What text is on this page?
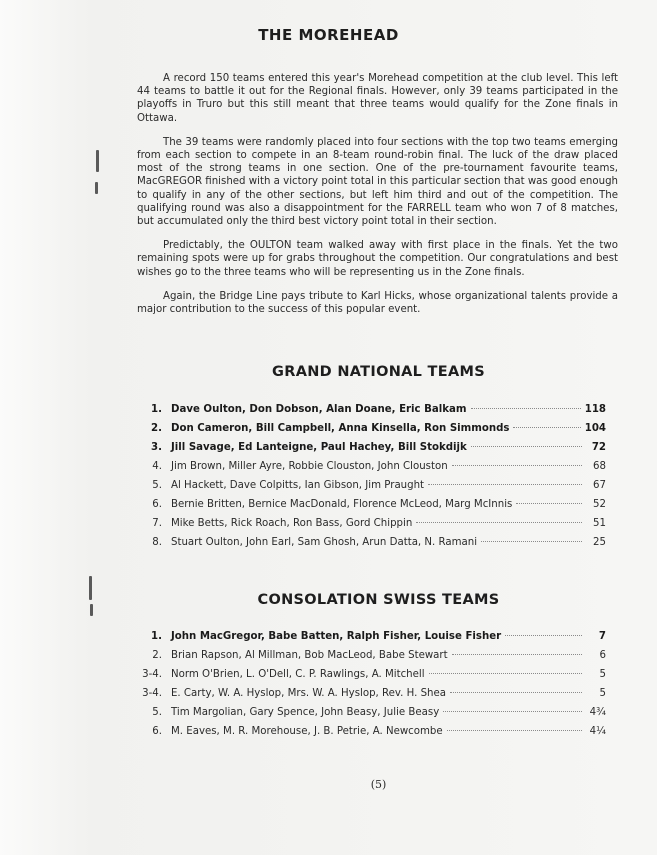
THE MOREHEAD

A record 150 teams entered this year's Morehead competition at the club level. This left 44 teams to battle it out for the Regional finals. However, only 39 teams participated in the playoffs in Truro but this still meant that three teams would qualify for the Zone finals in Ottawa.

The 39 teams were randomly placed into four sections with the top two teams emerging from each section to compete in an 8-team round-robin final. The luck of the draw placed most of the strong teams in one section. One of the pre-tournament favourite teams, MacGREGOR finished with a victory point total in this particular section that was good enough to qualify in any of the other sections, but left him third and out of the competition. The qualifying round was also a disappointment for the FARRELL team who won 7 of 8 matches, but accumulated only the third best victory point total in their section.

Predictably, the OULTON team walked away with first place in the finals. Yet the two remaining spots were up for grabs throughout the competition. Our congratulations and best wishes go to the three teams who will be representing us in the Zone finals.

Again, the Bridge Line pays tribute to Karl Hicks, whose organizational talents provide a major contribution to the success of this popular event.

GRAND NATIONAL TEAMS
1. Dave Oulton, Don Dobson, Alan Doane, Eric Balkam	118
2. Don Cameron, Bill Campbell, Anna Kinsella, Ron Simmonds	104
3. Jill Savage, Ed Lanteigne, Paul Hachey, Bill Stokdijk	72
4. Jim Brown, Miller Ayre, Robbie Clouston, John Clouston	68
5. Al Hackett, Dave Colpitts, Ian Gibson, Jim Praught	67
6. Bernie Britten, Bernice MacDonald, Florence McLeod, Marg McInnis	52
7. Mike Betts, Rick Roach, Ron Bass, Gord Chippin	51
8. Stuart Oulton, John Earl, Sam Ghosh, Arun Datta, N. Ramani	25
CONSOLATION SWISS TEAMS
1. John MacGregor, Babe Batten, Ralph Fisher, Louise Fisher	7
2. Brian Rapson, Al Millman, Bob MacLeod, Babe Stewart	6
3-4. Norm O'Brien, L. O'Dell, C. P. Rawlings, A. Mitchell	5
3-4. E. Carty, W. A. Hyslop, Mrs. W. A. Hyslop, Rev. H. Shea	5
5. Tim Margolian, Gary Spence, John Beasy, Julie Beasy	4¾
6. M. Eaves, M. R. Morehouse, J. B. Petrie, A. Newcombe	4¼
(5)
